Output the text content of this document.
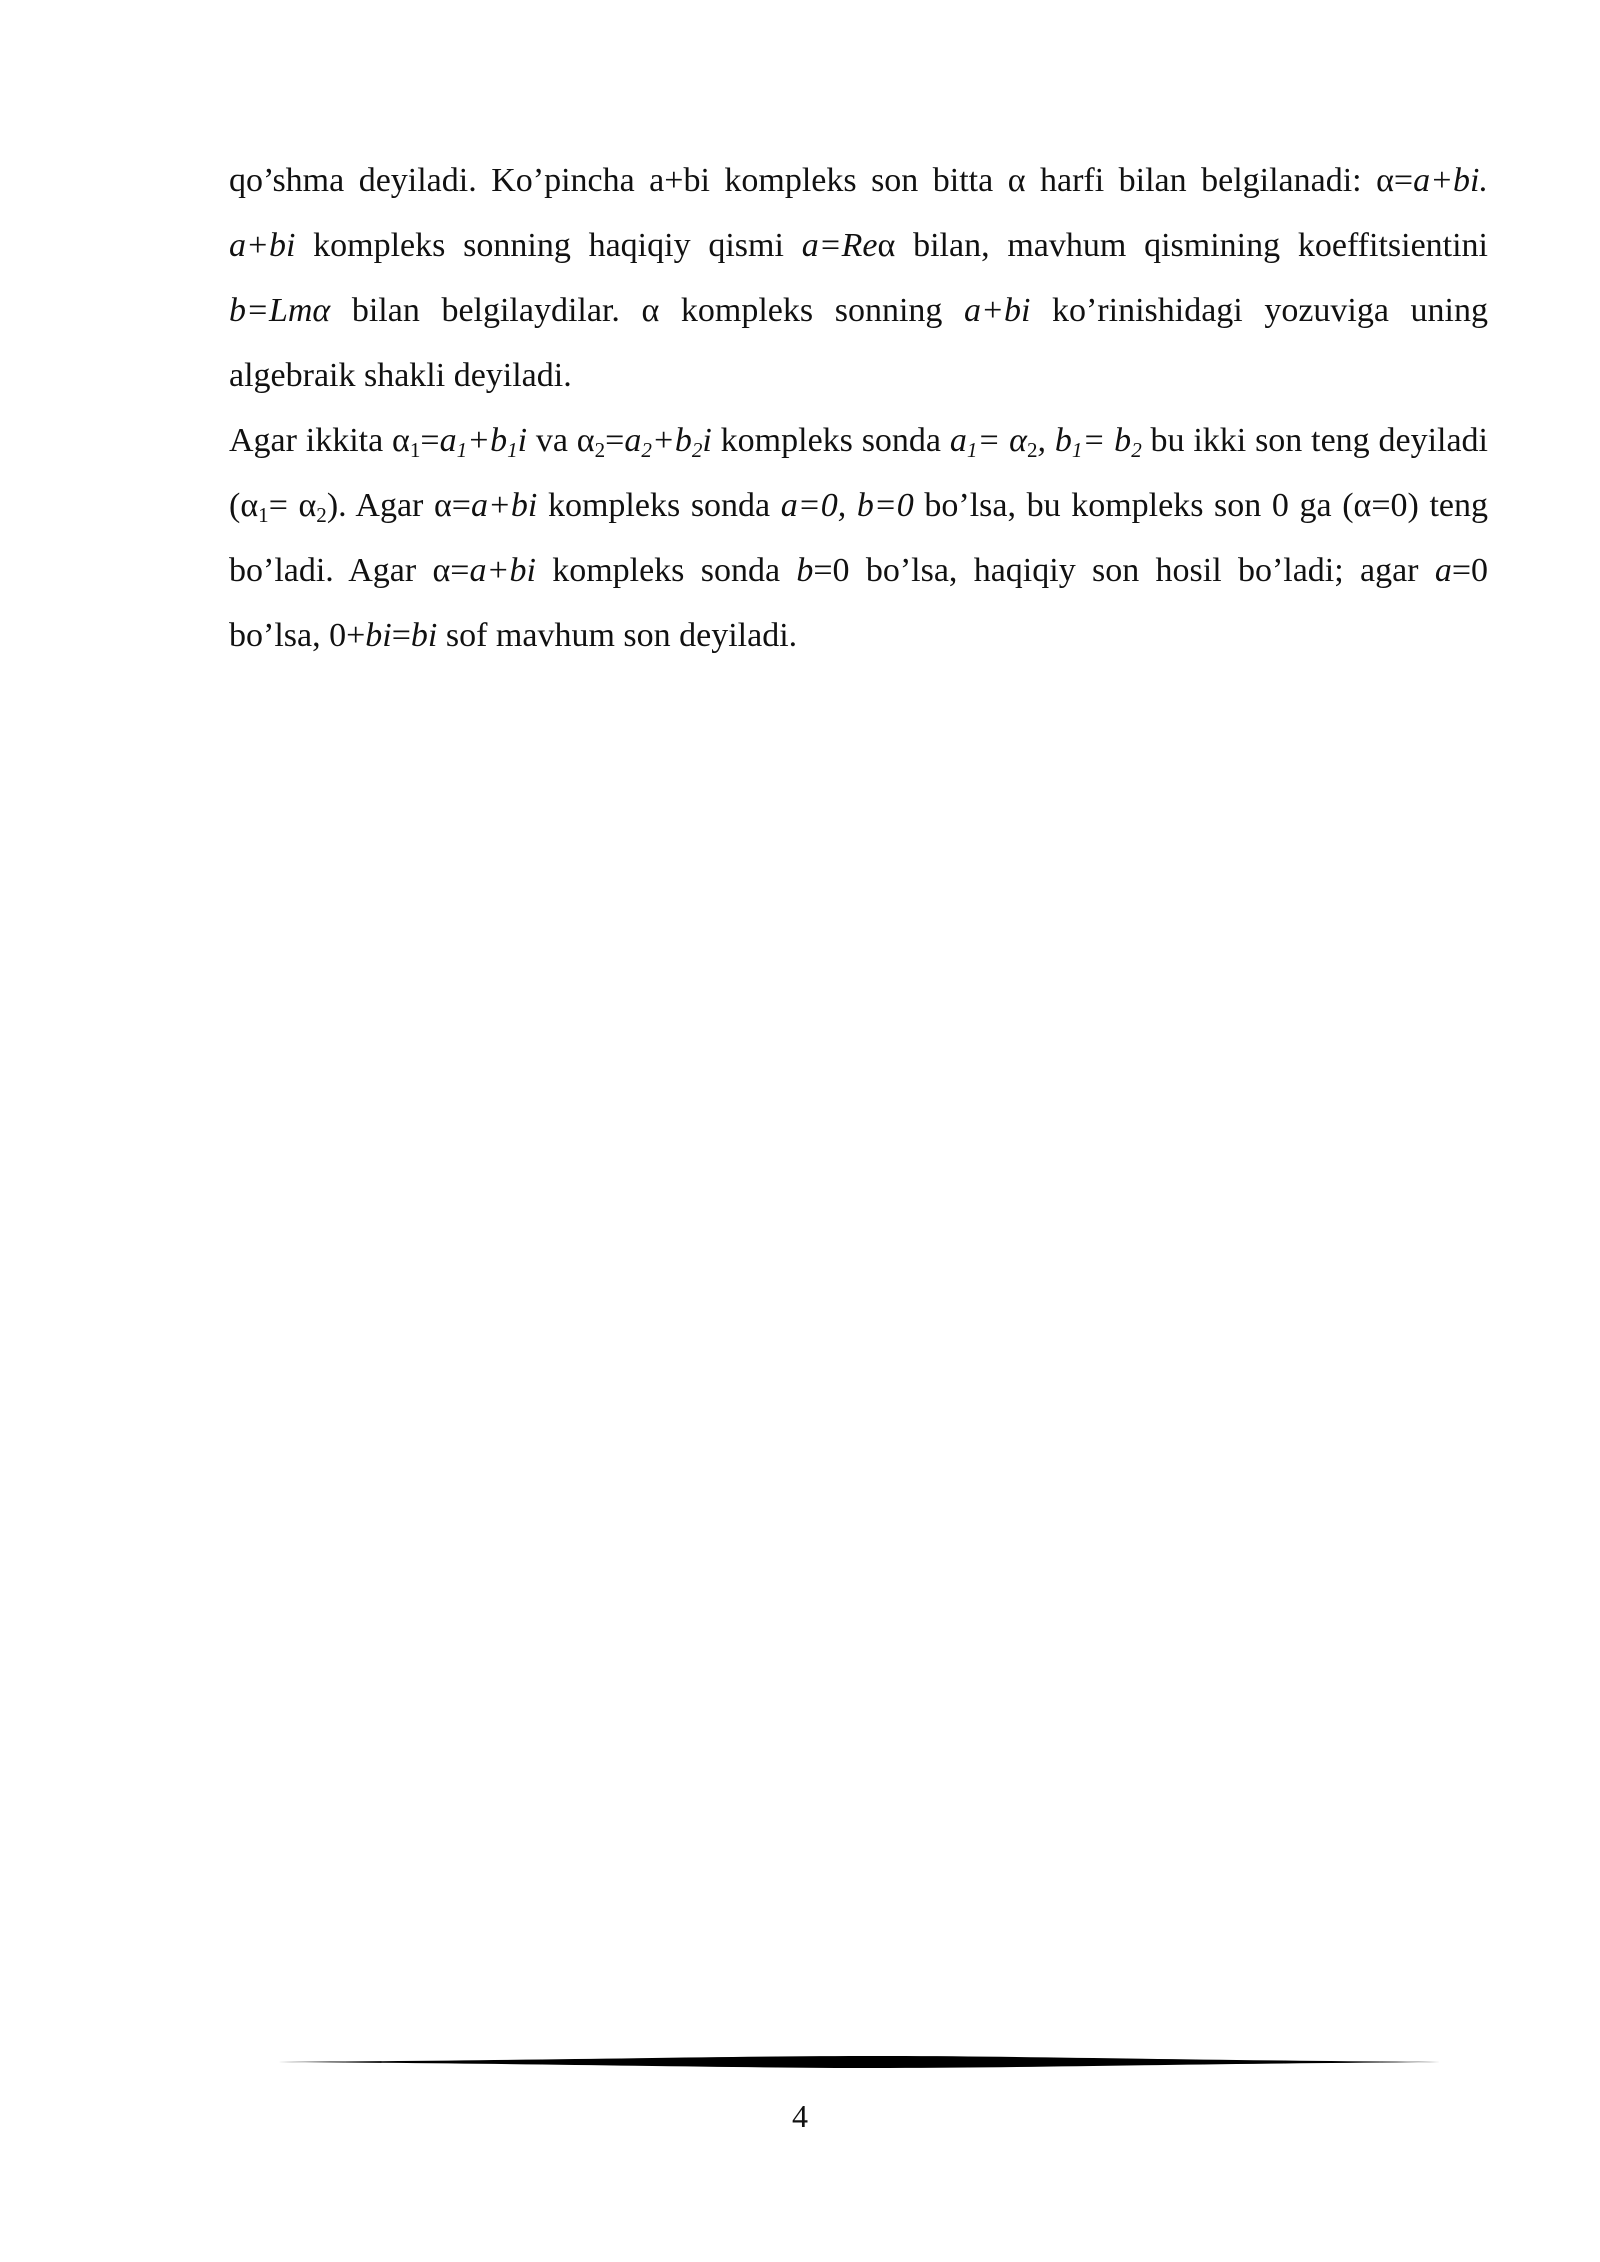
qo’shma deyiladi. Ko’pincha a+bi kompleks son bitta α harfi bilan belgilanadi: α=a+bi. a+bi kompleks sonning haqiqiy qismi a=Reα bilan, mavhum qismining koeffitsientini b=Lmα bilan belgilaydilar. α kompleks sonning a+bi ko’rinishidagi yozuviga uning algebraik shakli deyiladi.

Agar ikkita $\alpha_1=a_1+b_1i$ va $\alpha_2=a_2+b_2i$ kompleks sonda $a_1= \alpha_2$, $b_1= b_2$ bu ikki son teng deyiladi $(\alpha_1= \alpha_2)$. Agar α=a+bi kompleks sonda a=0, b=0 bo’lsa, bu kompleks son 0 ga (α=0) teng bo’ladi. Agar α=a+bi kompleks sonda b=0 bo’lsa, haqiqiy son hosil bo’ladi; agar a=0 bo’lsa, 0+bi=bi sof mavhum son deyiladi.

4
